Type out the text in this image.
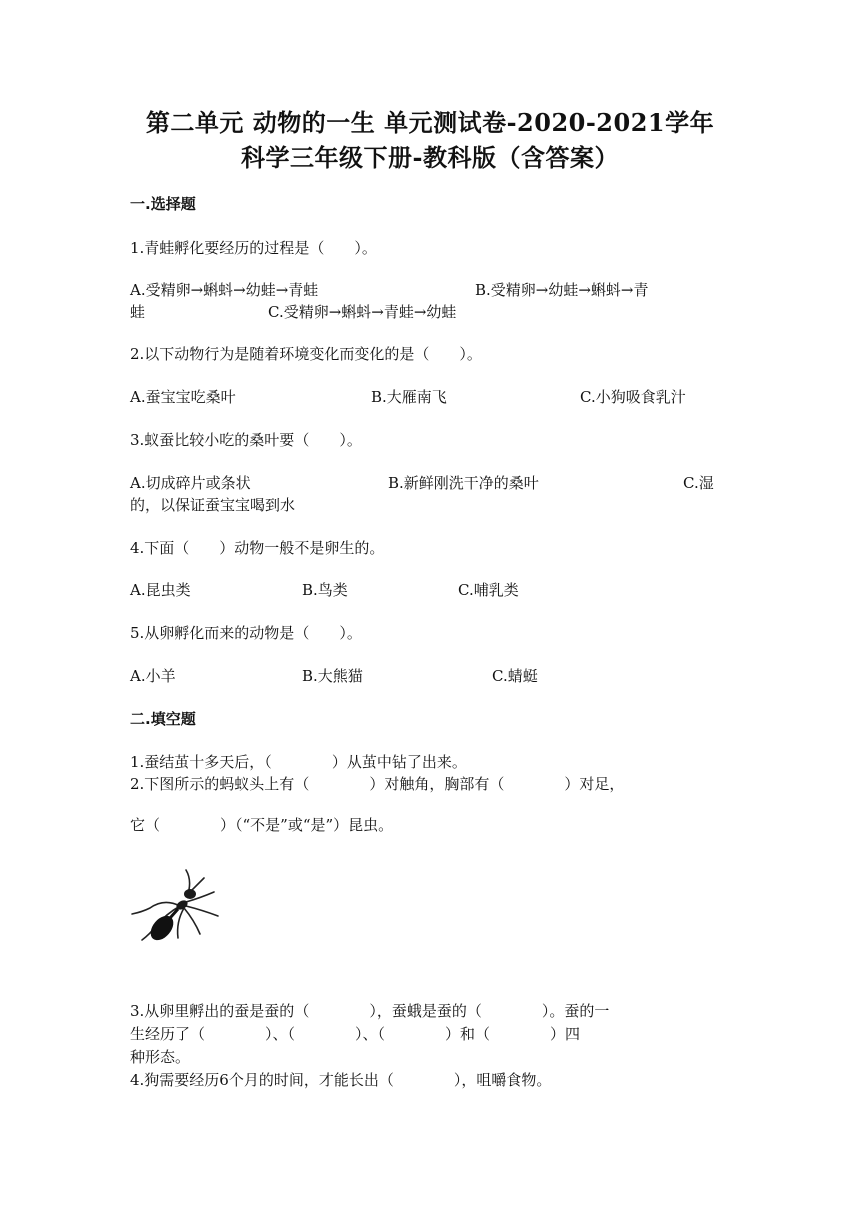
第二单元 动物的一生 单元测试卷-2020-2021学年
科学三年级下册-教科版（含答案）
一.选择题
1.青蛙孵化要经历的过程是（　　）。
A.受精卵→蝌蚪→幼蛙→青蛙	B.受精卵→幼蛙→蝌蚪→青
蛙	C.受精卵→蝌蚪→青蛙→幼蛙
2.以下动物行为是随着环境变化而变化的是（　　）。
A.蚕宝宝吃桑叶	B.大雁南飞	C.小狗吸食乳汁
3.蚁蚕比较小吃的桑叶要（　　）。
A.切成碎片或条状	B.新鲜刚洗干净的桑叶	C.湿
的，以保证蚕宝宝喝到水
4.下面（　　）动物一般不是卵生的。
A.昆虫类	B.鸟类	C.哺乳类
5.从卵孵化而来的动物是（　　）。
A.小羊	B.大熊猫	C.蜻蜓
二.填空题
1.蚕结茧十多天后，（　　　　）从茧中钻了出来。
2.下图所示的蚂蚁头上有（　　　　）对触角，胸部有（　　　　）对足，
它（　　　　）（“不是”或“是”）昆虫。
3.从卵里孵出的蚕是蚕的（　　　　），蚕蛾是蚕的（　　　　）。蚕的一
生经历了（　　　　）、（　　　　）、（　　　　）和（　　　　）四
种形态。
4.狗需要经历6个月的时间，才能长出（　　　　），咀嚼食物。
